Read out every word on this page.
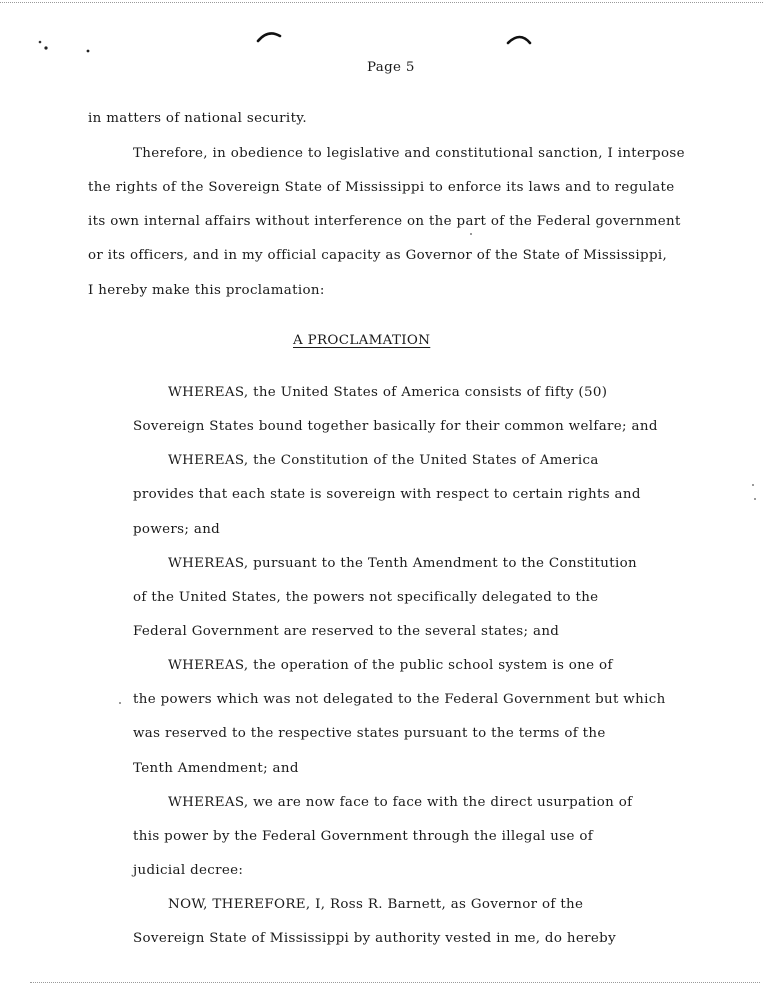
Page 5
in matters of national security.
Therefore, in obedience to legislative and constitutional sanction, I interpose
the rights of the Sovereign State of Mississippi to enforce its laws and to regulate
its own internal affairs without interference on the part of the Federal government
or its officers, and in my official capacity as Governor of the State of Mississippi,
I hereby make this proclamation:
A PROCLAMATION
WHEREAS, the United States of America consists of fifty (50)
Sovereign States bound together basically for their common welfare; and
WHEREAS, the Constitution of the United States of America
provides that each state is sovereign with respect to certain rights and
powers; and
WHEREAS, pursuant to the Tenth Amendment to the Constitution
of the United States, the powers not specifically delegated to the
Federal Government are reserved to the several states; and
WHEREAS, the operation of the public school system is one of
the powers which was not delegated to the Federal Government but which
was reserved to the respective states pursuant to the terms of the
Tenth Amendment; and
WHEREAS, we are now face to face with the direct usurpation of
this power by the Federal Government through the illegal use of
judicial decree:
NOW, THEREFORE, I, Ross R. Barnett, as Governor of the
Sovereign State of Mississippi by authority vested in me, do hereby
